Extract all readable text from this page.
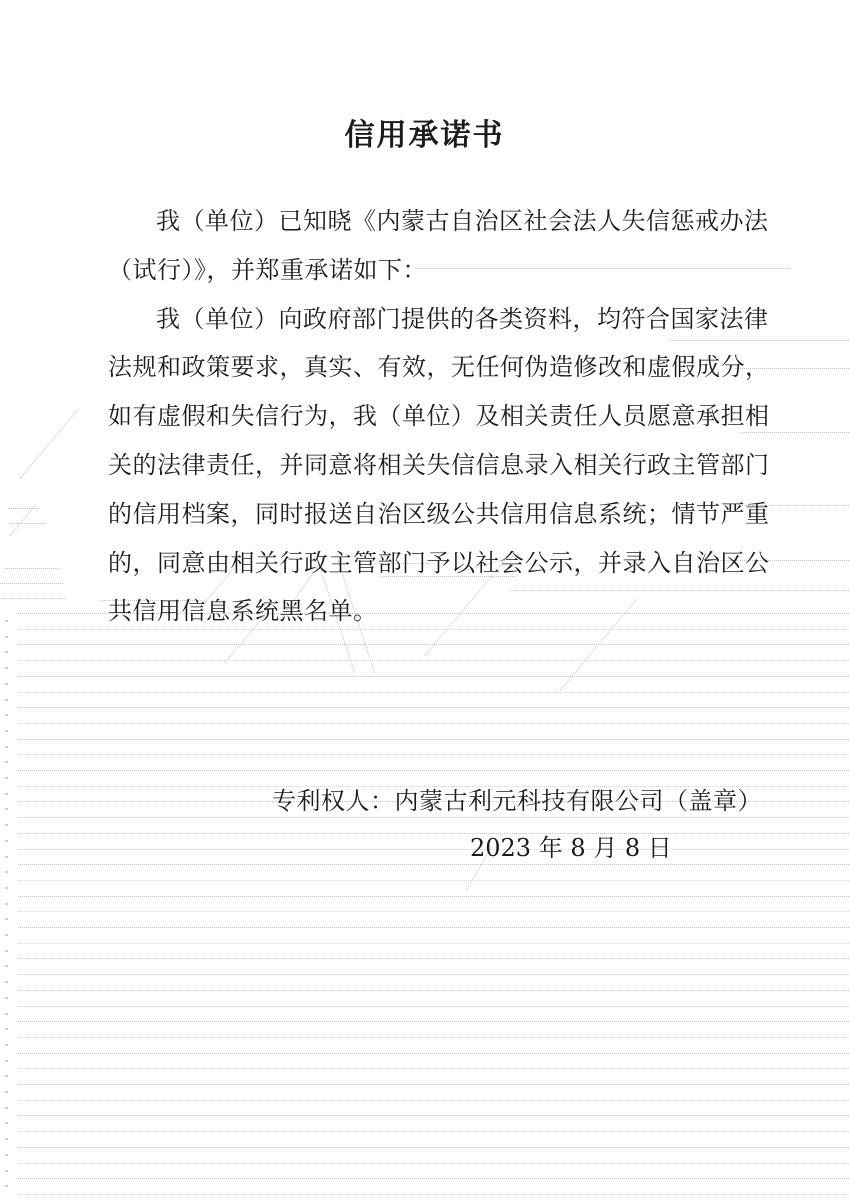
信用承诺书

我（单位）已知晓《内蒙古自治区社会法人失信惩戒办法

（试行）》，并郑重承诺如下：

我（单位）向政府部门提供的各类资料，均符合国家法律

法规和政策要求，真实、有效，无任何伪造修改和虚假成分，

如有虚假和失信行为，我（单位）及相关责任人员愿意承担相

关的法律责任，并同意将相关失信信息录入相关行政主管部门

的信用档案，同时报送自治区级公共信用信息系统；情节严重

的，同意由相关行政主管部门予以社会公示，并录入自治区公

共信用信息系统黑名单。

专利权人：内蒙古利元科技有限公司（盖章）
2023 年 8 月 8 日
